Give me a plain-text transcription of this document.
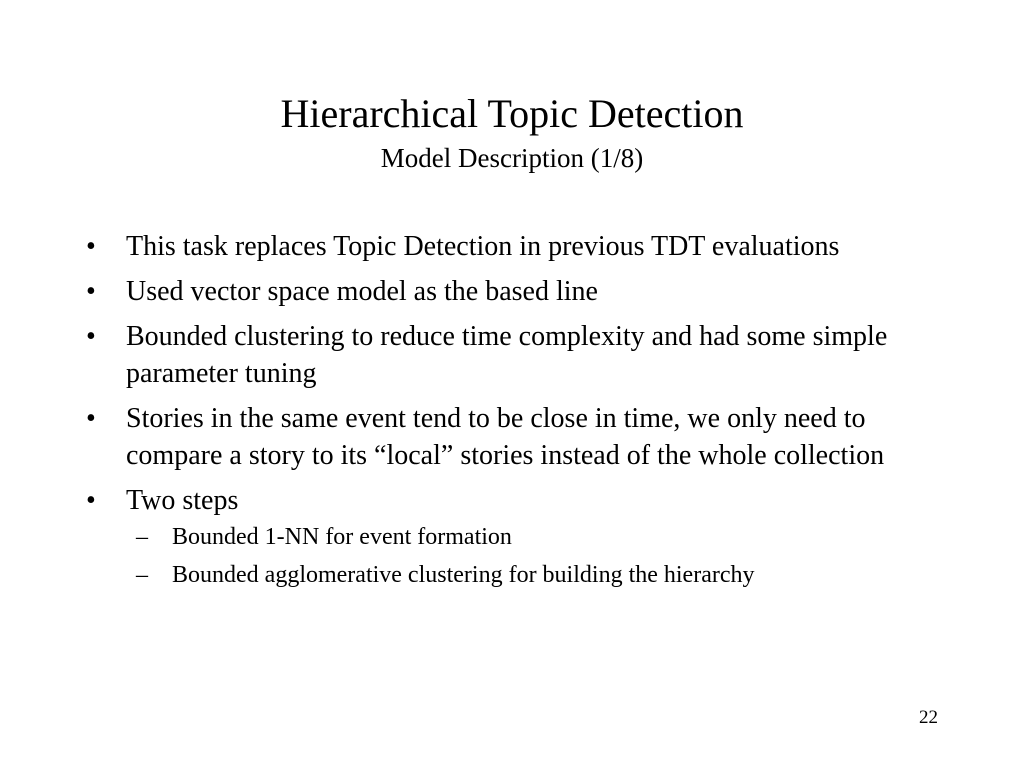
Hierarchical Topic Detection
Model Description (1/8)
• This task replaces Topic Detection in previous TDT evaluations
• Used vector space model as the based line
• Bounded clustering to reduce time complexity and had some simple parameter tuning
• Stories in the same event tend to be close in time, we only need to compare a story to its “local” stories instead of the whole collection
• Two steps
– Bounded 1-NN for event formation
– Bounded agglomerative clustering for building the hierarchy
22
